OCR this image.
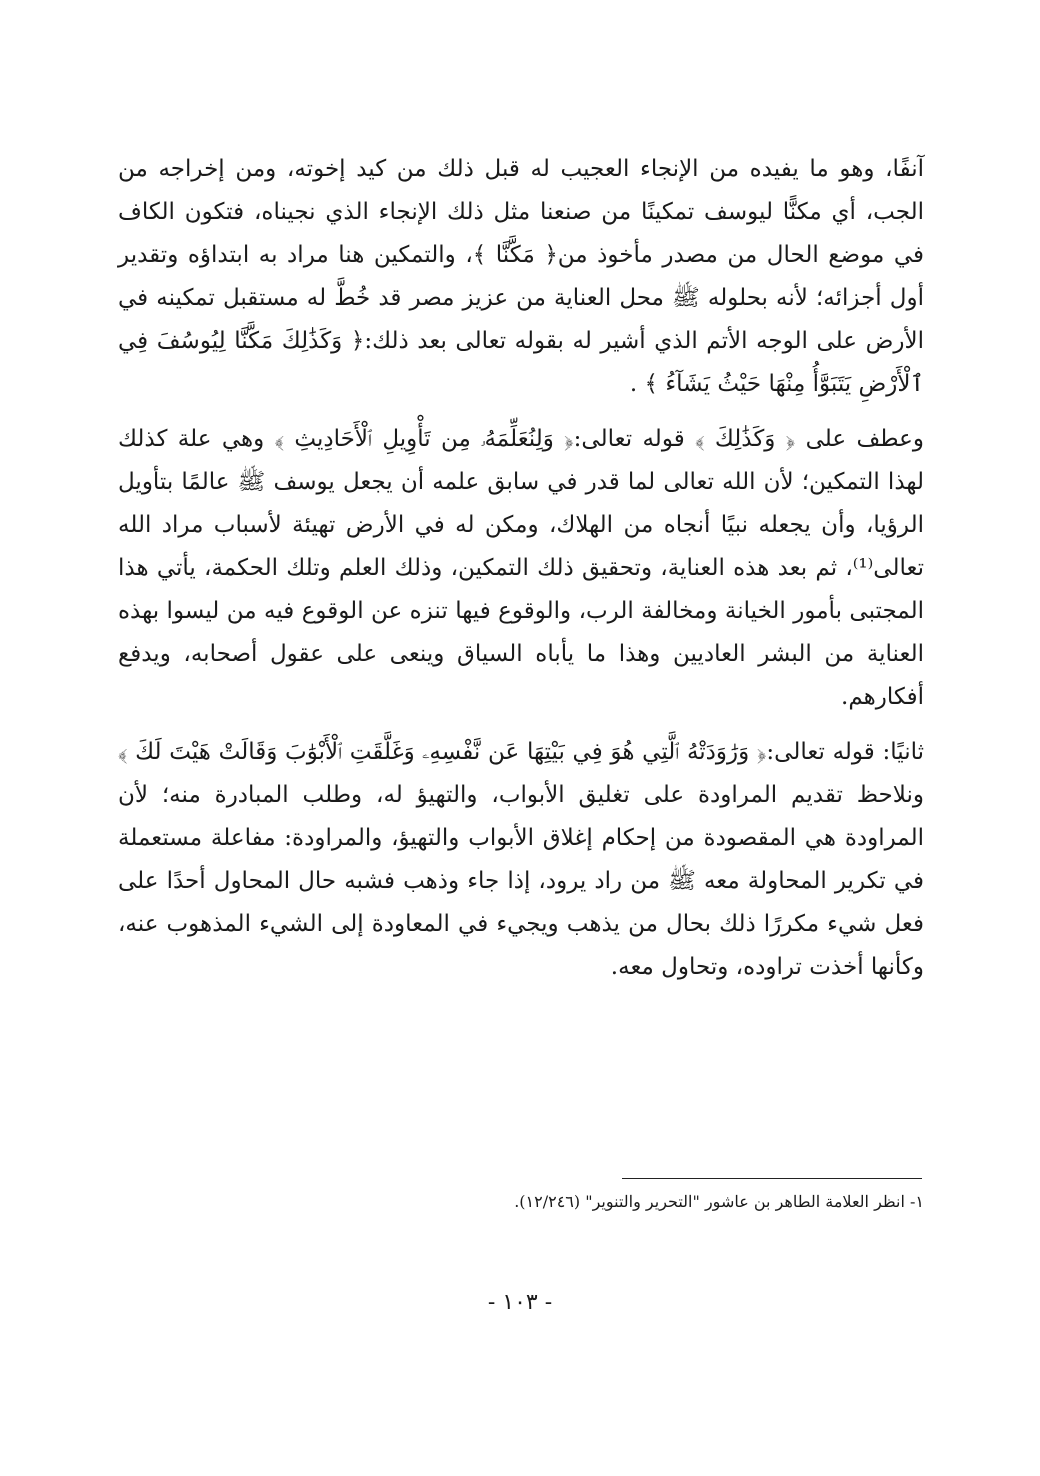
آنفًا، وهو ما يفيده من الإنجاء العجيب له قبل ذلك من كيد إخوته، ومن إخراجه من الجب، أي مكنًّا ليوسف تمكينًا من صنعنا مثل ذلك الإنجاء الذي نجيناه، فتكون الكاف في موضع الحال من مصدر مأخوذ من﴿ مَكَّنَّا ﴾، والتمكين هنا مراد به ابتداؤه وتقدير أول أجزائه؛ لأنه بحلوله ﷺ محل العناية من عزيز مصر قد خُطَّ له مستقبل تمكينه في الأرض على الوجه الأتم الذي أشير له بقوله تعالى بعد ذلك:﴿ وَكَذَٰلِكَ مَكَّنَّا لِيُوسُفَ فِي ٱلْأَرْضِ يَتَبَوَّأُ مِنْهَا حَيْثُ يَشَآءُ ﴾ .

وعطف على ﴿ وَكَذَٰلِكَ ﴾ قوله تعالى:﴿ وَلِنُعَلِّمَهُۥ مِن تَأْوِيلِ ٱلْأَحَادِيثِ ﴾ وهي علة كذلك لهذا التمكين؛ لأن الله تعالى لما قدر في سابق علمه أن يجعل يوسف ﷺ عالمًا بتأويل الرؤيا، وأن يجعله نبيًا أنجاه من الهلاك، ومكن له في الأرض تهيئة لأسباب مراد الله تعالى⁽¹⁾، ثم بعد هذه العناية، وتحقيق ذلك التمكين، وذلك العلم وتلك الحكمة، يأتي هذا المجتبى بأمور الخيانة ومخالفة الرب، والوقوع فيها تنزه عن الوقوع فيه من ليسوا بهذه العناية من البشر العاديين وهذا ما يأباه السياق وينعى على عقول أصحابه، ويدفع أفكارهم.

ثانيًا: قوله تعالى:﴿ وَرَٰوَدَتْهُ ٱلَّتِي هُوَ فِي بَيْتِهَا عَن نَّفْسِهِۦ وَغَلَّقَتِ ٱلْأَبْوَٰبَ وَقَالَتْ هَيْتَ لَكَ ﴾ ونلاحظ تقديم المراودة على تغليق الأبواب، والتهيؤ له، وطلب المبادرة منه؛ لأن المراودة هي المقصودة من إحكام إغلاق الأبواب والتهيؤ، والمراودة: مفاعلة مستعملة في تكرير المحاولة معه ﷺ من راد يرود، إذا جاء وذهب فشبه حال المحاول أحدًا على فعل شيء مكررًا ذلك بحال من يذهب ويجيء في المعاودة إلى الشيء المذهوب عنه، وكأنها أخذت تراوده، وتحاول معه.

١- انظر العلامة الطاهر بن عاشور "التحرير والتنوير" (١٢/٢٤٦).
- ١٠٣ -
